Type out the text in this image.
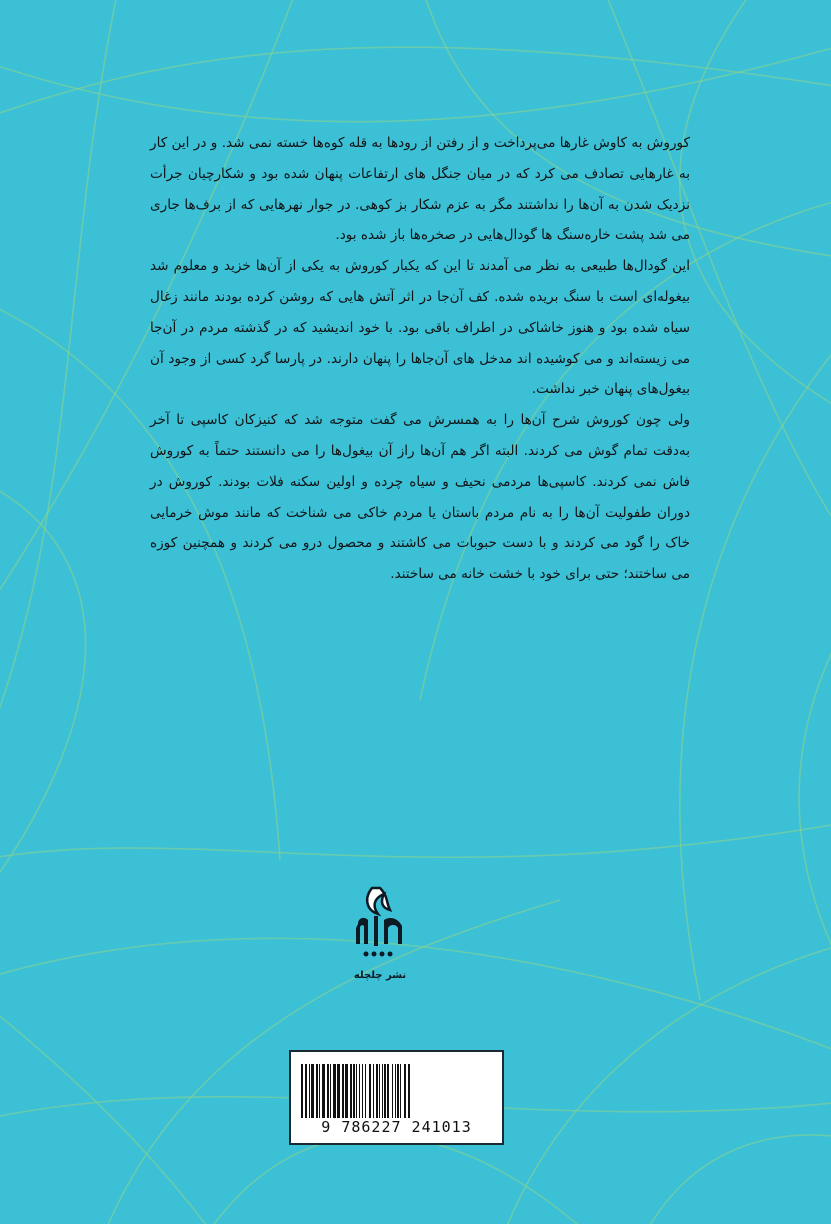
کوروش به کاوش غارها می‌پرداخت و از رفتن از رودها به قله کوه‌ها خسته نمی شد. و در این کار به غارهایی تصادف می کرد که در میان جنگل های ارتفاعات پنهان شده بود و شکارچیان جرأت نزدیک شدن به آن‌ها را نداشتند مگر به عزم شکار بز کوهی. در جوار نهرهایی که از برف‌ها جاری می شد پشت خاره‌سنگ ها گودال‌هایی در صخره‌ها باز شده بود.

این گودال‌ها طبیعی به نظر می آمدند تا این که یکبار کوروش به یکی از آن‌ها خزید و معلوم شد بیغوله‌ای است با سنگ بریده شده. کف آن‌جا در اثر آتش هایی که روشن کرده بودند مانند زغال سیاه شده بود و هنوز خاشاکی در اطراف باقی بود. با خود اندیشید که در گذشته مردم در آن‌جا می زیسته‌اند و می کوشیده اند مدخل های آن‌جاها را پنهان دارند. در پارسا گرد کسی از وجود آن بیغول‌های پنهان خبر نداشت.

ولی چون کوروش شرح آن‌ها را به همسرش می گفت متوجه شد که کنیزکان کاسپی تا آخر به‌دقت تمام گوش می کردند. البته اگر هم آن‌ها راز آن بیغول‌ها را می دانستند حتماً به کوروش فاش نمی کردند. کاسپی‌ها مردمی نحیف و سیاه چرده و اولین سکنه فلات بودند. کوروش در دوران طفولیت آن‌ها را به نام مردم باستان یا مردم خاکی می شناخت که مانند موش خرمایی خاک را گود می کردند و با دست حبوبات می کاشتند و محصول درو می کردند و همچنین کوزه می ساختند؛ حتی برای خود با خشت خانه می ساختند.

نشر چلچله
9 786227 241013
